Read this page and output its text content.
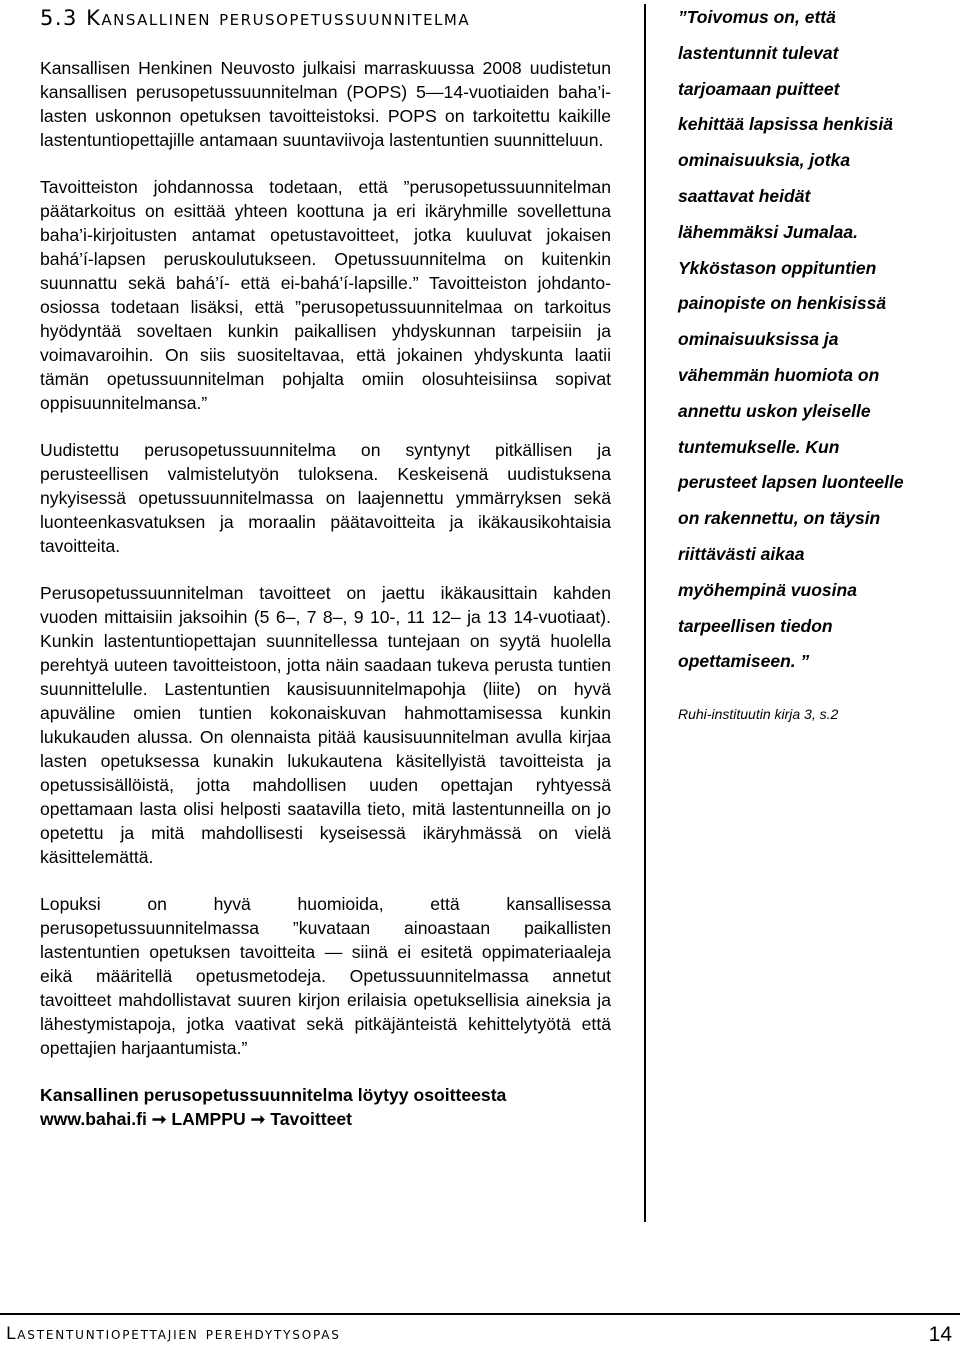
5.3 Kansallinen perusopetussuunnitelma

Kansallisen Henkinen Neuvosto julkaisi marraskuussa 2008 uudistetun kansallisen perusopetussuunnitelman (POPS) 5—14-vuotiaiden baha’i-lasten uskonnon opetuksen tavoitteistoksi. POPS on tarkoitettu kaikille lastentuntiopettajille antamaan suuntaviivoja lastentuntien suunnitteluun.

Tavoitteiston johdannossa todetaan, että ”perusopetussuunnitelman päätarkoitus on esittää yhteen koottuna ja eri ikäryhmille sovellettuna baha’i-kirjoitusten antamat opetustavoitteet, jotka kuuluvat jokaisen bahá’í-lapsen peruskoulutukseen. Opetussuunnitelma on kuitenkin suunnattu sekä bahá’í- että ei-bahá’í-lapsille.” Tavoitteiston johdanto-osiossa todetaan lisäksi, että ”perusopetussuunnitelmaa on tarkoitus hyödyntää soveltaen kunkin paikallisen yhdyskunnan tarpeisiin ja voimavaroihin. On siis suositeltavaa, että jokainen yhdyskunta laatii tämän opetussuunnitelman pohjalta omiin olosuhteisiinsa sopivat oppisuunnitelmansa.”

Uudistettu perusopetussuunnitelma on syntynyt pitkällisen ja perusteellisen valmistelutyön tuloksena. Keskeisenä uudistuksena nykyisessä opetussuunnitelmassa on laajennettu ymmärryksen sekä luonteenkasvatuksen ja moraalin päätavoitteita ja ikäkausikohtaisia tavoitteita.

Perusopetussuunnitelman tavoitteet on jaettu ikäkausittain kahden vuoden mittaisiin jaksoihin (5 6–, 7 8–, 9 10-, 11 12– ja 13 14-vuotiaat). Kunkin lastentuntiopettajan suunnitellessa tuntejaan on syytä huolella perehtyä uuteen tavoitteistoon, jotta näin saadaan tukeva perusta tuntien suunnittelulle. Lastentuntien kausisuunnitelmapohja (liite) on hyvä apuväline omien tuntien kokonaiskuvan hahmottamisessa kunkin lukukauden alussa. On olennaista pitää kausisuunnitelman avulla kirjaa lasten opetuksessa kunakin lukukautena käsitellyistä tavoitteista ja opetussisällöistä, jotta mahdollisen uuden opettajan ryhtyessä opettamaan lasta olisi helposti saatavilla tieto, mitä lastentunneilla on jo opetettu ja mitä mahdollisesti kyseisessä ikäryhmässä on vielä käsittelemättä.

Lopuksi on hyvä huomioida, että kansallisessa perusopetussuunnitelmassa ”kuvataan ainoastaan paikallisten lastentuntien opetuksen tavoitteita — siinä ei esitetä oppimateriaaleja eikä määritellä opetusmetodeja. Opetussuunnitelmassa annetut tavoitteet mahdollistavat suuren kirjon erilaisia opetuksellisia aineksia ja lähestymistapoja, jotka vaativat sekä pitkäjänteistä kehittelytyötä että opettajien harjaantumista.”

Kansallinen perusopetussuunnitelma löytyy osoitteesta
www.bahai.fi ➞ LAMPPU ➞ Tavoitteet

”Toivomus on, että
lastentunnit tulevat
tarjoamaan puitteet
kehittää lapsissa henkisiä
ominaisuuksia, jotka
saattavat heidät
lähemmäksi Jumalaa.
Ykköstason oppituntien
painopiste on henkisissä
ominaisuuksissa ja
vähemmän huomiota on
annettu uskon yleiselle
tuntemukselle. Kun
perusteet lapsen luonteelle
on rakennettu, on täysin
riittävästi aikaa
myöhempinä vuosina
tarpeellisen tiedon
opettamiseen. ”
Ruhi-instituutin kirja 3, s.2
Lastentuntiopettajien perehdytysopas	14
